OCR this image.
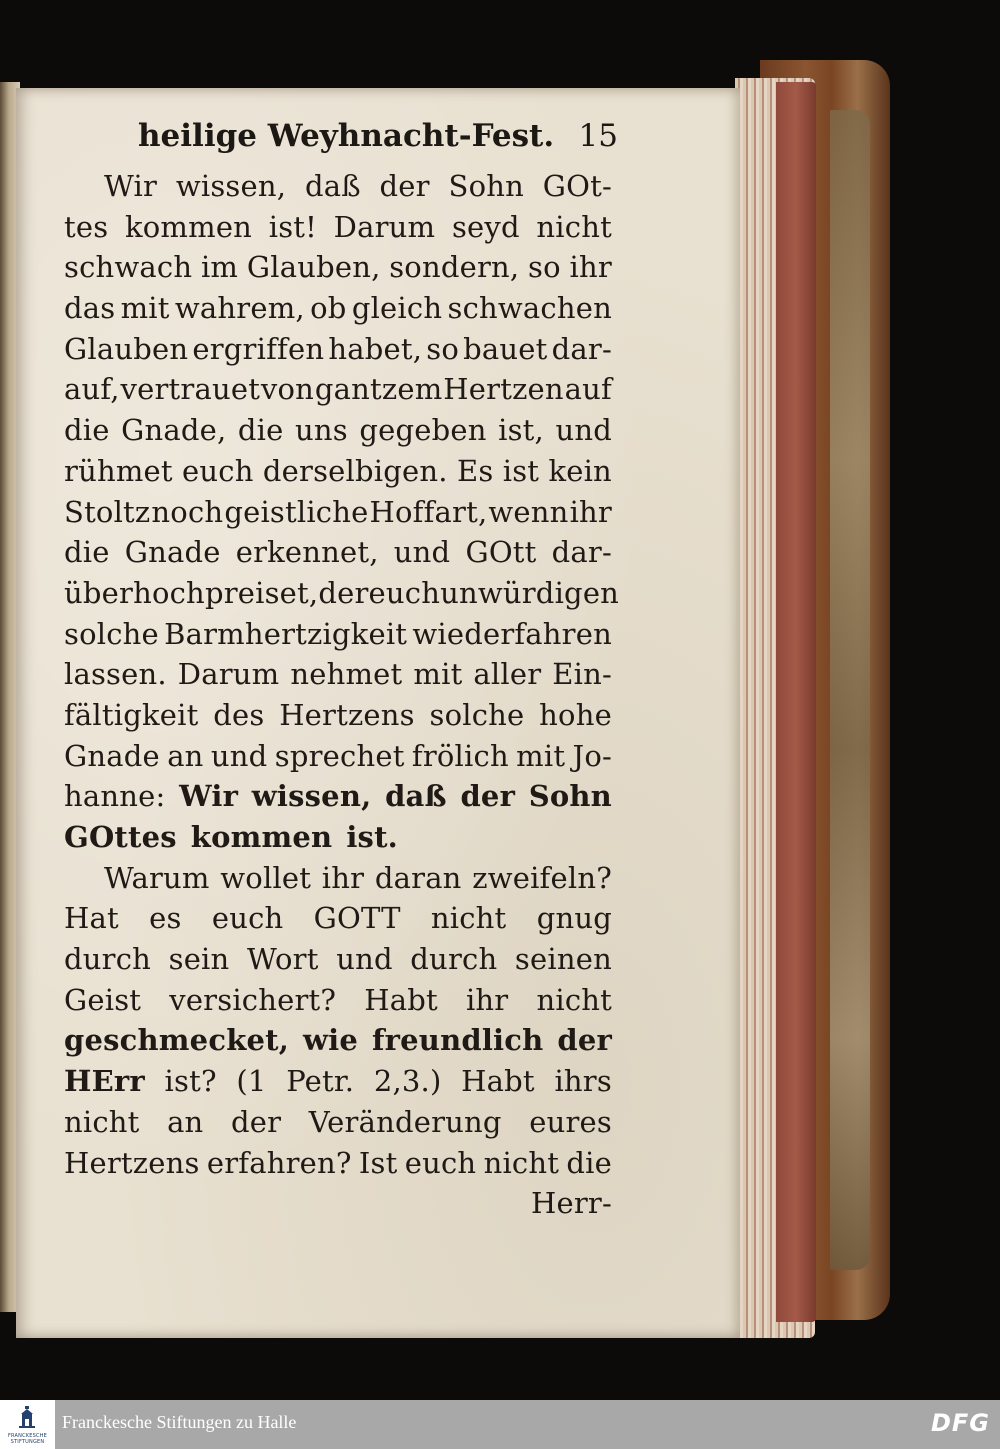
heilige Weyhnacht-Fest. 15
Wir wissen, daß der Sohn GOt-
tes kommen ist! Darum seyd nicht
schwach im Glauben, sondern, so ihr
das mit wahrem, ob gleich schwachen
Glauben ergriffen habet, so bauet dar-
auf, vertrauet von gantzem Hertzen auf
die Gnade, die uns gegeben ist, und
rühmet euch derselbigen. Es ist kein
Stoltz noch geistliche Hoffart, wenn ihr
die Gnade erkennet, und GOtt dar-
über hoch preiset, der euch unwürdigen
solche Barmhertzigkeit wiederfahren
lassen. Darum nehmet mit aller Ein-
fältigkeit des Hertzens solche hohe
Gnade an und sprechet frölich mit Jo-
hanne: Wir wissen, daß der Sohn
GOttes kommen ist.
Warum wollet ihr daran zweifeln?
Hat es euch GOTT nicht gnug
durch sein Wort und durch seinen
Geist versichert? Habt ihr nicht
geschmecket, wie freundlich der
HErr ist? (1 Petr. 2,3.) Habt ihrs
nicht an der Veränderung eures
Hertzens erfahren? Ist euch nicht die
Herr-
FRANCKESCHE
STIFTUNGEN
Franckesche Stiftungen zu Halle	DFG
